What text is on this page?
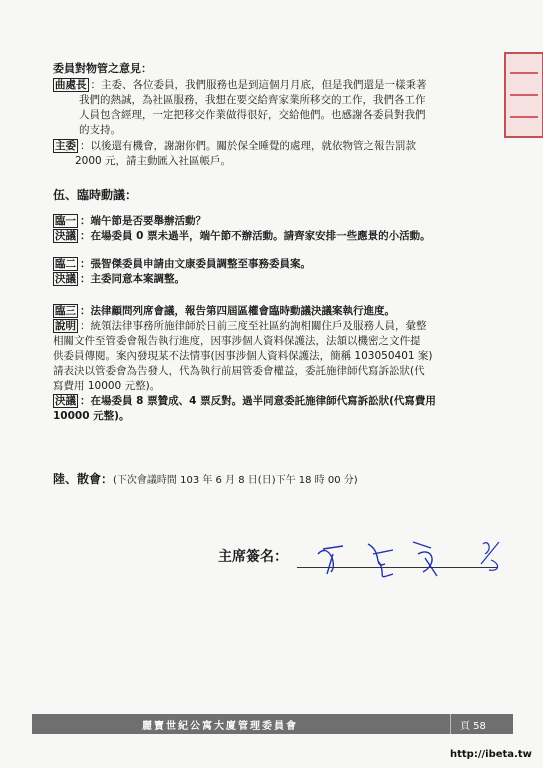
委員對物管之意見：
曲處長 ：主委、各位委員，我們服務也是到這個月月底，但是我們還是一樣秉著
我們的熱誠，為社區服務，我想在要交給齊家業所移交的工作，我們各工作
人員包含經理，一定把移交作業做得很好，交給他們。也感謝各委員對我們
的支持。
主委 ：以後還有機會，謝謝你們。關於保全睡覺的處理，就依物管之報告罰款
2000 元，請主動匯入社區帳戶。
伍、臨時動議：
臨一 ：端午節是否要舉辦活動？
決議 ：在場委員 0 票未過半，端午節不辦活動。請齊家安排一些應景的小活動。
臨二 ：張智傑委員申請由文康委員調整至事務委員案。
決議 ：主委同意本案調整。
臨三 ：法律顧問列席會議，報告第四屆區權會臨時動議決議案執行進度。
說明 ：統領法律事務所施律師於日前三度至社區約詢相關住戶及服務人員，彙整
相關文件至管委會報告執行進度，因事涉個人資料保護法，法頷以機密之文件提
供委員傳閱。案內發現某不法情事(因事涉個人資料保護法，簡稱 103050401 案)
請表決以管委會為告發人，代為執行前屆管委會權益，委託施律師代寫訴訟狀(代
寫費用 10000 元整)。
決議 ：在場委員 8 票贊成、4 票反對。過半同意委託施律師代寫訴訟狀(代寫費用
10000 元整)。
陸、散會：(下次會議時間 103 年 6 月 8 日(日)下午 18 時 00 分)
主席簽名：
麗寶世紀公寓大廈管理委員會	頁 58
http://ibeta.tw
